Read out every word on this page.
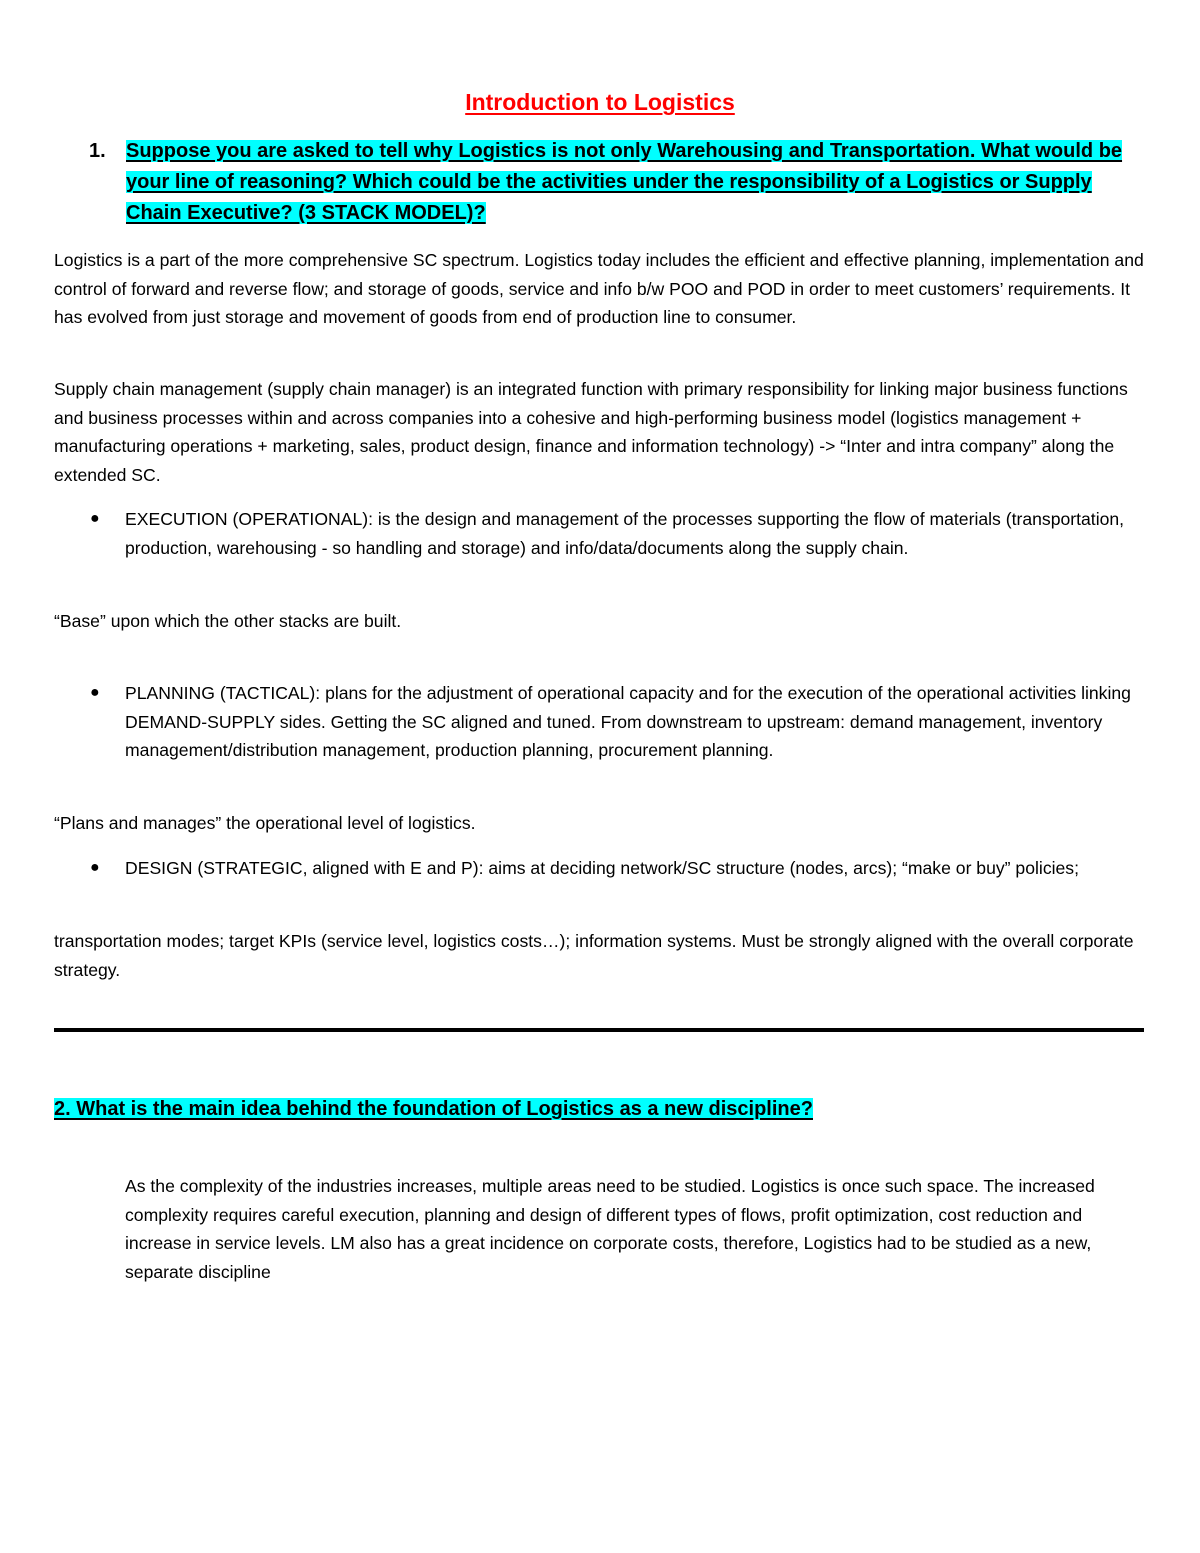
Introduction to Logistics
1. Suppose you are asked to tell why Logistics is not only Warehousing and Transportation. What would be your line of reasoning? Which could be the activities under the responsibility of a Logistics or Supply Chain Executive? (3 STACK MODEL)?

Logistics is a part of the more comprehensive SC spectrum. Logistics today includes the efficient and effective planning, implementation and control of forward and reverse flow; and storage of goods, service and info b/w POO and POD in order to meet customers’ requirements. It has evolved from just storage and movement of goods from end of production line to consumer.

Supply chain management (supply chain manager) is an integrated function with primary responsibility for linking major business functions and business processes within and across companies into a cohesive and high-performing business model (logistics management + manufacturing operations + marketing, sales, product design, finance and information technology) -> “Inter and intra company” along the extended SC.

● EXECUTION (OPERATIONAL): is the design and management of the processes supporting the flow of materials (transportation, production, warehousing - so handling and storage) and info/data/documents along the supply chain.

“Base” upon which the other stacks are built.

● PLANNING (TACTICAL): plans for the adjustment of operational capacity and for the execution of the operational activities linking DEMAND-SUPPLY sides. Getting the SC aligned and tuned. From downstream to upstream: demand management, inventory management/distribution management, production planning, procurement planning.

“Plans and manages” the operational level of logistics.

● DESIGN (STRATEGIC, aligned with E and P): aims at deciding network/SC structure (nodes, arcs); “make or buy” policies;

transportation modes; target KPIs (service level, logistics costs…); information systems. Must be strongly aligned with the overall corporate strategy.

2. What is the main idea behind the foundation of Logistics as a new discipline?

As the complexity of the industries increases, multiple areas need to be studied. Logistics is once such space. The increased complexity requires careful execution, planning and design of different types of flows, profit optimization, cost reduction and increase in service levels. LM also has a great incidence on corporate costs, therefore, Logistics had to be studied as a new, separate discipline
